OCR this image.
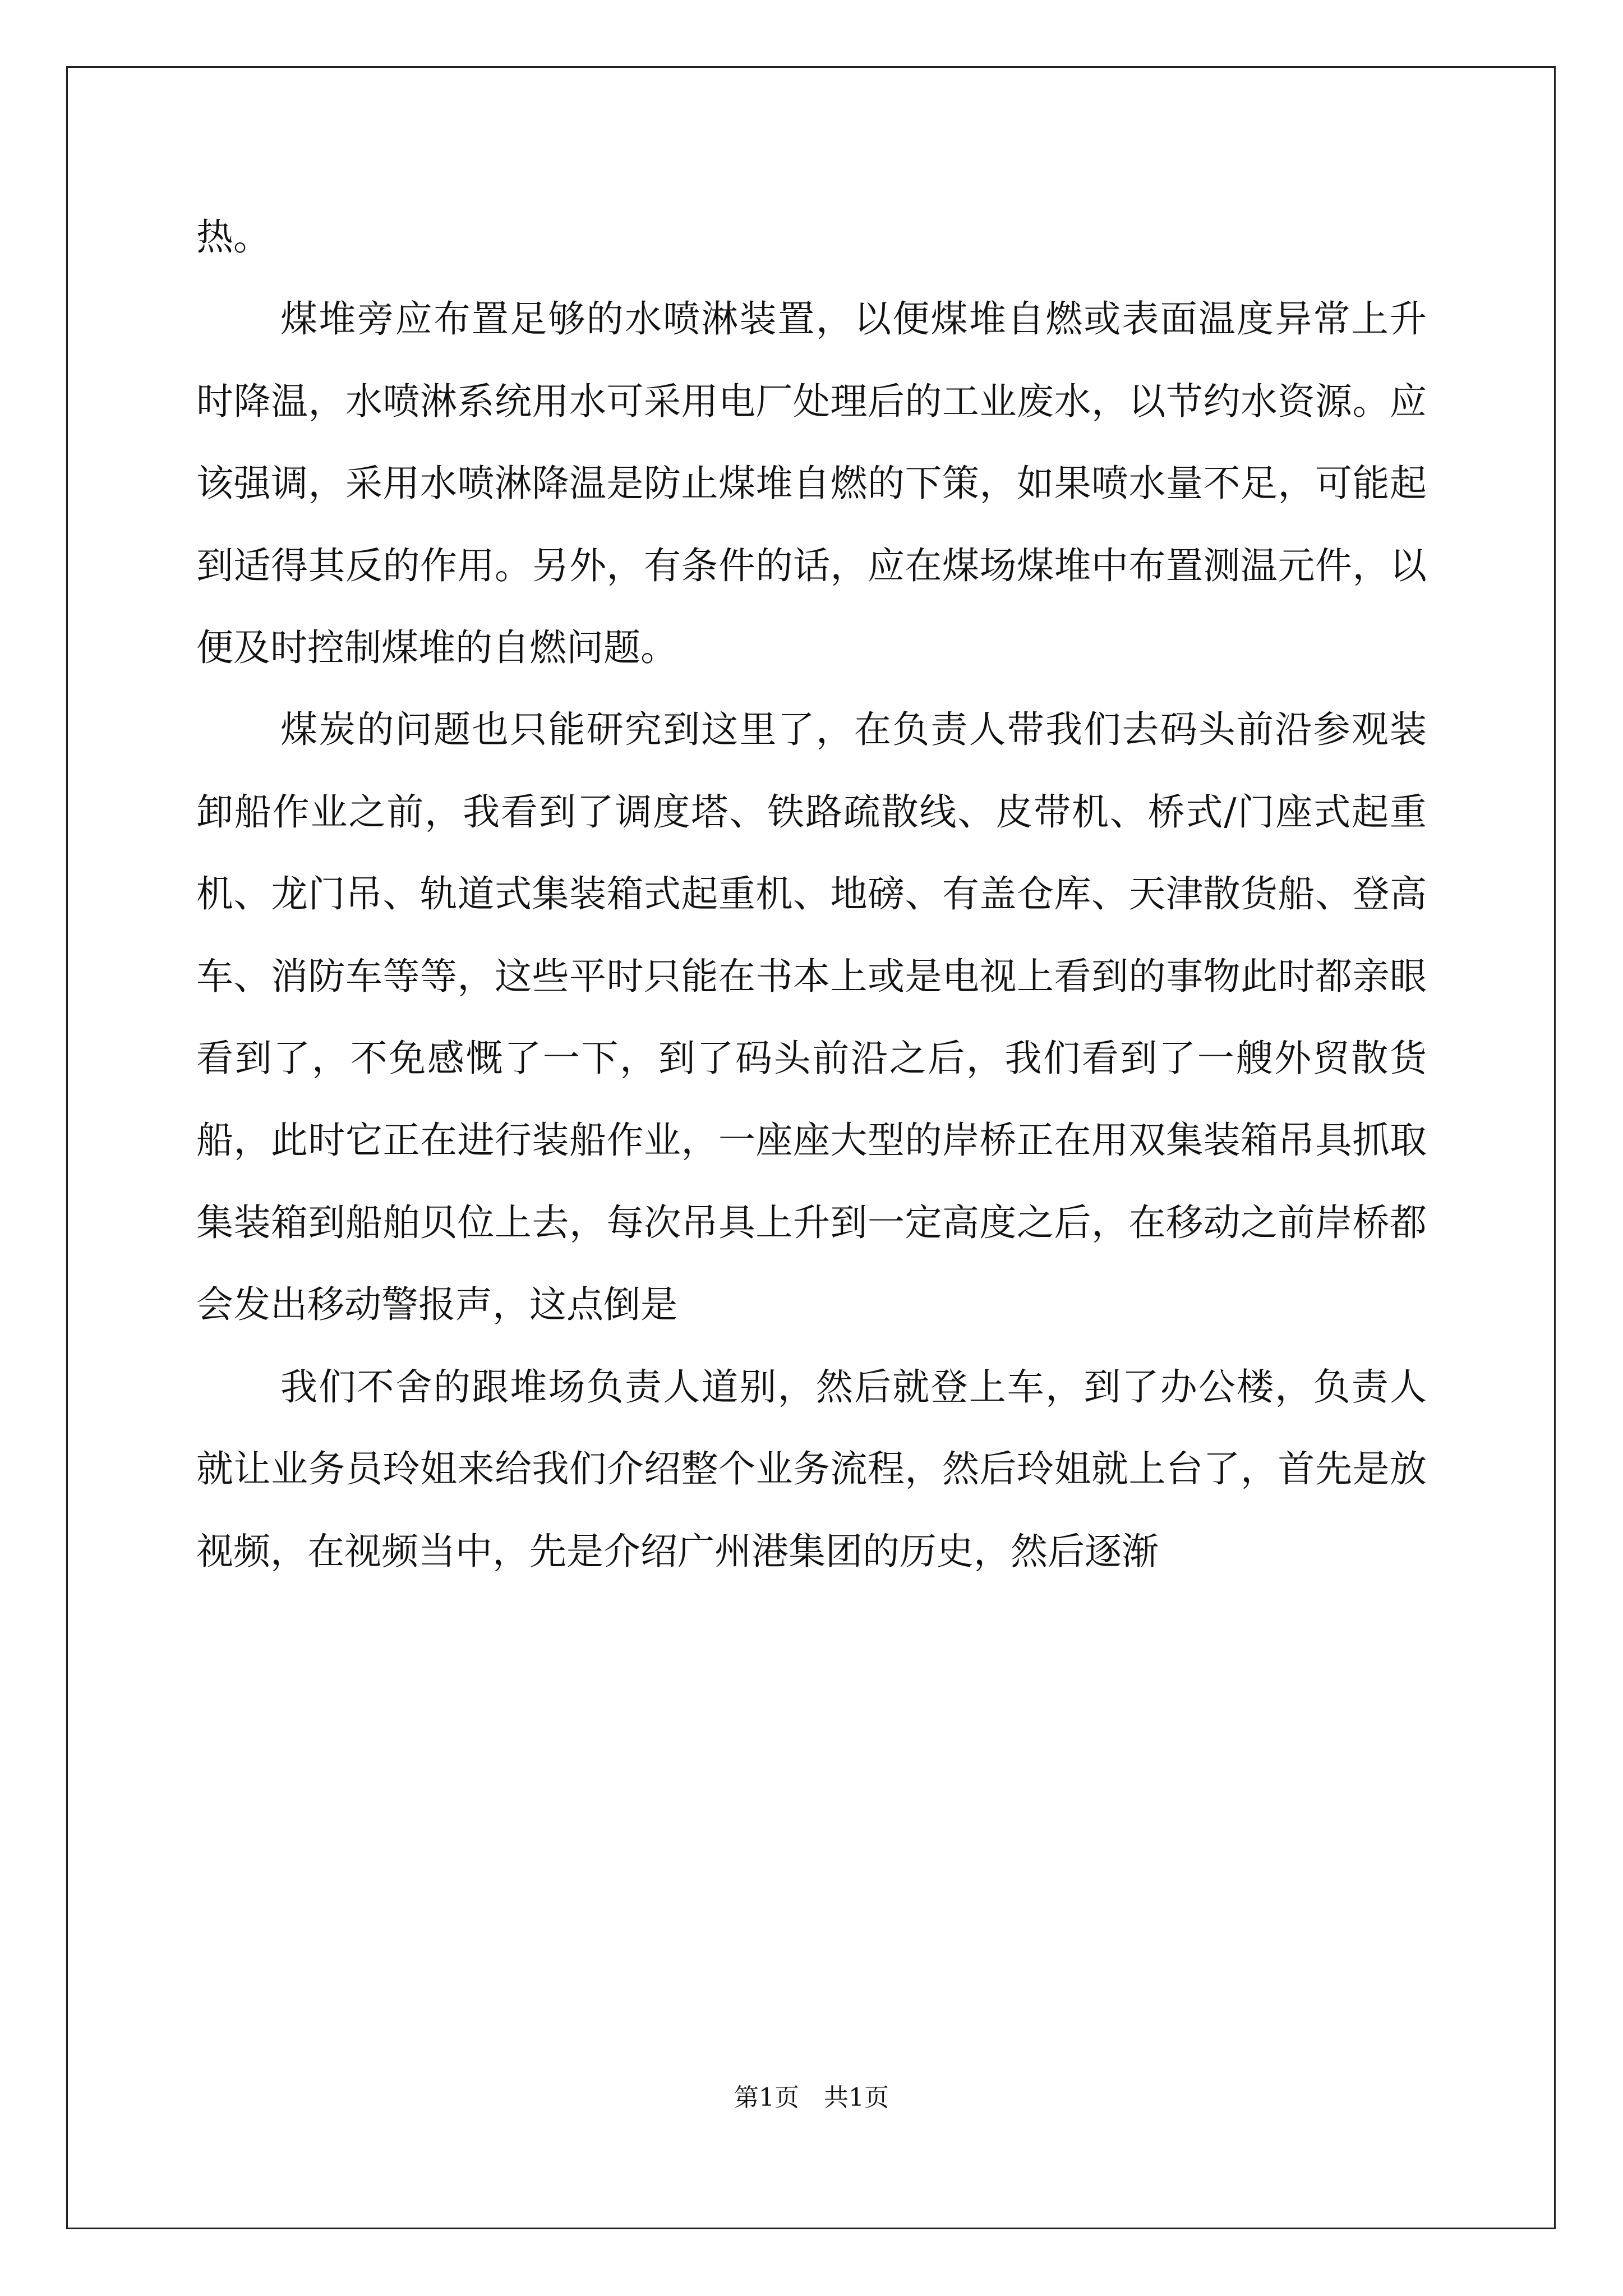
热。

煤堆旁应布置足够的水喷淋装置，以便煤堆自燃或表面温度异常上升时降温，水喷淋系统用水可采用电厂处理后的工业废水，以节约水资源。应该强调，采用水喷淋降温是防止煤堆自燃的下策，如果喷水量不足，可能起到适得其反的作用。另外，有条件的话，应在煤场煤堆中布置测温元件，以便及时控制煤堆的自燃问题。

煤炭的问题也只能研究到这里了，在负责人带我们去码头前沿参观装卸船作业之前，我看到了调度塔、铁路疏散线、皮带机、桥式/门座式起重机、龙门吊、轨道式集装箱式起重机、地磅、有盖仓库、天津散货船、登高车、消防车等等，这些平时只能在书本上或是电视上看到的事物此时都亲眼看到了，不免感慨了一下，到了码头前沿之后，我们看到了一艘外贸散货船，此时它正在进行装船作业，一座座大型的岸桥正在用双集装箱吊具抓取集装箱到船舶贝位上去，每次吊具上升到一定高度之后，在移动之前岸桥都会发出移动警报声，这点倒是

我们不舍的跟堆场负责人道别，然后就登上车，到了办公楼，负责人就让业务员玲姐来给我们介绍整个业务流程，然后玲姐就上台了，首先是放视频，在视频当中，先是介绍广州港集团的历史，然后逐渐

第1页　共1页
